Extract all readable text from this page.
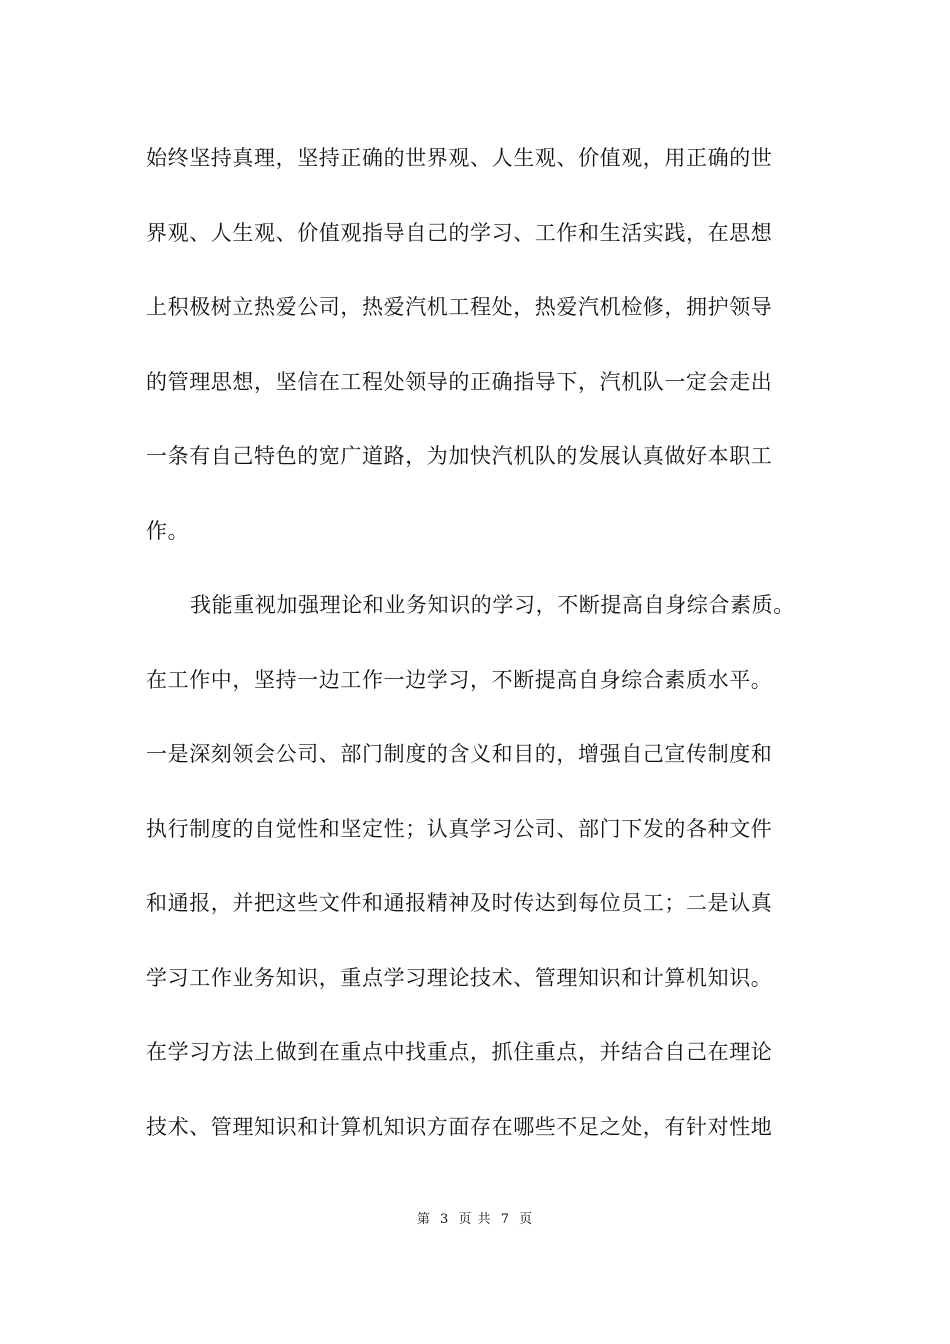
始终坚持真理，坚持正确的世界观、人生观、价值观，用正确的世
界观、人生观、价值观指导自己的学习、工作和生活实践，在思想
上积极树立热爱公司，热爱汽机工程处，热爱汽机检修，拥护领导
的管理思想，坚信在工程处领导的正确指导下，汽机队一定会走出
一条有自己特色的宽广道路，为加快汽机队的发展认真做好本职工
作。
我能重视加强理论和业务知识的学习，不断提高自身综合素质。
在工作中，坚持一边工作一边学习，不断提高自身综合素质水平。
一是深刻领会公司、部门制度的含义和目的，增强自己宣传制度和
执行制度的自觉性和坚定性；认真学习公司、部门下发的各种文件
和通报，并把这些文件和通报精神及时传达到每位员工；二是认真
学习工作业务知识，重点学习理论技术、管理知识和计算机知识。
在学习方法上做到在重点中找重点，抓住重点，并结合自己在理论
技术、管理知识和计算机知识方面存在哪些不足之处，有针对性地
第 3 页 共 7 页
